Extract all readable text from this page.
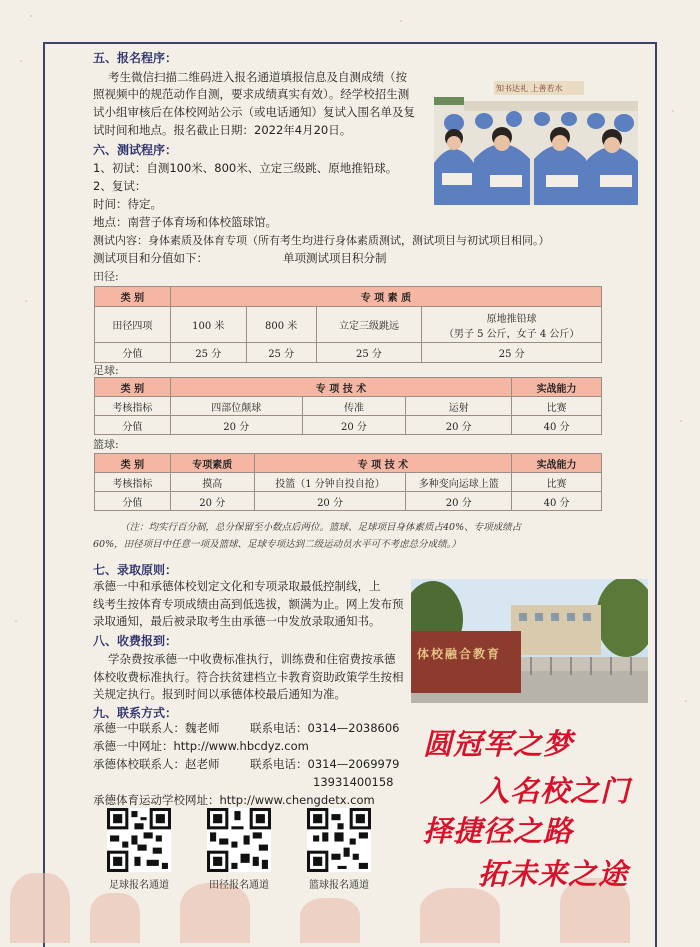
五、报名程序：
考生微信扫描二维码进入报名通道填报信息及自测成绩（按
照视频中的规范动作自测，要求成绩真实有效）。经学校招生测
试小组审核后在体校网站公示（或电话通知）复试入围名单及复
试时间和地点。报名截止日期：2022年4月20日。
知书达礼 上善若水
六、测试程序：
1、初试：自测100米、800米、立定三级跳、原地推铅球。
2、复试：
时间：待定。
地点：南营子体育场和体校篮球馆。
测试内容：身体素质及体育专项（所有考生均进行身体素质测试，测试项目与初试项目相同。）
测试项目和分值如下：	单项测试项目积分制
田径:
类 别	专 项 素 质			
田径四项	100 米	800 米	立定三级跳远	原地推铅球
（男子 5 公斤，女子 4 公斤）

分值	25 分	25 分	25 分	25 分
足球:
类 别	专 项 技 术			实战能力
考核指标	四部位颠球	传准	运射	比赛
分值	20 分	20 分	20 分	40 分
篮球:
类 别	专项素质	专 项 技 术		实战能力
考核指标	摸高	投篮（1 分钟自投自抢）	多种变向运球上篮	比赛
分值	20 分	20 分	20 分	40 分
（注：均实行百分制，总分保留至小数点后两位。篮球、足球项目身体素质占40%、专项成绩占
60%，田径项目中任意一项及篮球、足球专项达到二级运动员水平可不考虑总分成绩。）
七、录取原则：
承德一中和承德体校划定文化和专项录取最低控制线，上
线考生按体育专项成绩由高到低选拔，额满为止。网上发布预
录取通知，最后被录取考生由承德一中发放录取通知书。
八、收费报到：
学杂费按承德一中收费标准执行，训练费和住宿费按承德
体校收费标准执行。符合扶贫建档立卡教育资助政策学生按相
关规定执行。报到时间以承德体校最后通知为准。
体校融合教育
九、联系方式：
承德一中联系人：魏老师	联系电话：0314—2038606
承德一中网址：http://www.hbcdyz.com
承德体校联系人：赵老师	联系电话：0314—2069979
13931400158
承德体育运动学校网址：http://www.chengdetx.com
足球报名通道	田径报名通道	篮球报名通道
圆冠军之梦
入名校之门
择捷径之路
拓未来之途
